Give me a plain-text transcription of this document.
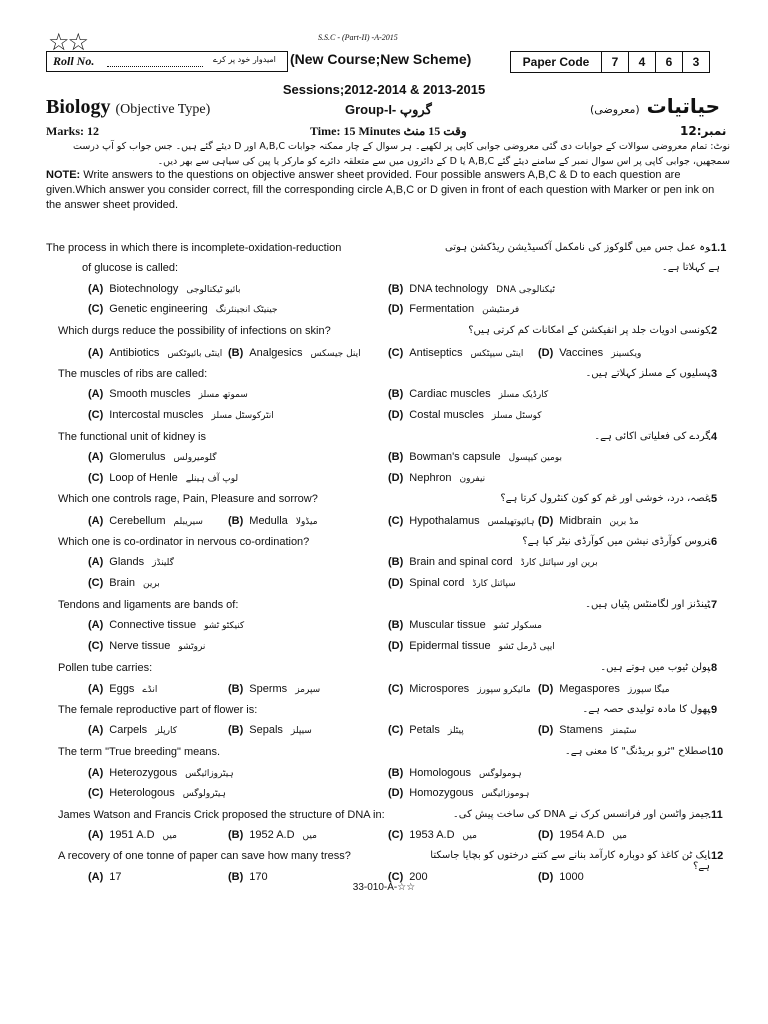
☆☆	S.S.C - (Part-II) -A-2015
Roll No.	امیدوار خود پر کرے (New Course;New Scheme)	Paper Code	7	4	6	3
Sessions;2012-2014 & 2013-2015
Biology (Objective Type)	Group-I- گروپ	حیاتیات (معروضی)
Marks: 12	Time: 15 Minutes وقت 15 منٹ	نمبر:12
نوٹ: تمام معروضی سوالات کے جوابات دی گئی معروضی جوابی کاپی پر لکھیے۔ ہر سوال کے چار ممکنہ جوابات A,B,C اور D دیئے گئے ہیں۔ جس جواب کو آپ درست سمجھیں، جوابی کاپی پر اس سوال نمبر کے سامنے دیئے گئے A,B,C یا D کے دائروں میں سے متعلقہ دائرے کو مارکر یا پین کی سیاہی سے بھر دیں۔
NOTE: Write answers to the questions on objective answer sheet provided. Four possible answers A,B,C & D to each question are given.Which answer you consider correct, fill the corresponding circle A,B,C or D given in front of each question with Marker or pen ink on the answer sheet provided.
The process in which there is incomplete-oxidation-reduction	وہ عمل جس میں گلوکوز کی نامکمل آکسیڈیشن ریڈکشن ہوتی
.1.1
of glucose is called:	ہے کہلاتا ہے۔
(A) Biotechnology بائیو ٹیکنالوجی	(B) DNA technology DNA ٹیکنالوجی
(C) Genetic engineering جینیٹک انجینئرنگ	(D) Fermentation فرمنٹیشن
Which durgs reduce the possibility of infections on skin?	کونسی ادویات جلد پر انفیکشن کے امکانات کم کرتی ہیں؟
.2
(A) Antibiotics اینٹی بائیوٹکس (B) Analgesics اینل جیسکس (C) Antiseptics اینٹی سیپٹکس (D) Vaccines ویکسینز
The muscles of ribs are called:	پسلیوں کے مسلز کہلاتے ہیں۔
.3
(A) Smooth muscles سموتھ مسلز	(B) Cardiac muscles کارڈیک مسلز
(C) Intercostal muscles انٹرکوسٹل مسلز	(D) Costal muscles کوسٹل مسلز
The functional unit of kidney is	گردے کی فعلیاتی اکائی ہے۔
.4
(A) Glomerulus گلومیرولس	(B) Bowman's capsule بومین کیپسول
(C) Loop of Henle لوپ آف ہینلے	(D) Nephron نیفرون
Which one controls rage, Pain, Pleasure and sorrow?	غصہ، درد، خوشی اور غم کو کون کنٹرول کرتا ہے؟
.5
(A) Cerebellum سیریبلم (B) Medulla میڈولا	(C) Hypothalamus ہائپوتھیلمس (D) Midbrain مڈ برین
Which one is co-ordinator in nervous co-ordination?	نروس کوآرڈی نیشن میں کوآرڈی نیٹر کیا ہے؟
.6
(A) Glands گلینڈز	(B) Brain and spinal cord برین اور سپائنل کارڈ
(C) Brain برین	(D) Spinal cord سپائنل کارڈ
Tendons and ligaments are bands of:	ٹینڈنز اور لگامنٹس پٹیاں ہیں۔
.7
(A) Connective tissue کنیکٹو ٹشو	(B) Muscular tissue مسکولر ٹشو
(C) Nerve tissue نروٹشو	(D) Epidermal tissue ایپی ڈرمل ٹشو
Pollen tube carries:	پولن ٹیوب میں ہوتے ہیں۔
.8
(A) Eggs انڈے	(B) Sperms سپرمز	(C) Microspores مائیکرو سپورز (D) Megaspores میگا سپورز
The female reproductive part of flower is:	پھول کا مادہ تولیدی حصہ ہے۔
.9
(A) Carpels کارپلز	(B) Sepals سیپلز	(C) Petals پیٹلز	(D) Stamens سٹیمنز
The term "True breeding" means.	اصطلاح "ٹرو بریڈنگ" کا معنی ہے۔
.10
(A) Heterozygous ہیٹروزائیگس	(B) Homologous ہومولوگس
(C) Heterologous ہیٹرولوگس	(D) Homozygous ہوموزائیگس
James Watson and Francis Crick proposed the structure of DNA in:	جیمز واٹسن اور فرانسس کرک نے DNA کی ساخت پیش کی۔
.11
(A) 1951 A.D میں	(B) 1952 A.D میں	(C) 1953 A.D میں	(D) 1954 A.D میں
A recovery of one tonne of paper can save how many tress?	ایک ٹن کاغذ کو دوبارہ کارآمد بنانے سے کتنے درختوں کو بچایا جاسکتا ہے؟
.12
(A) 17	(B) 170	(C) 200	(D) 1000
33-010-A-☆☆
